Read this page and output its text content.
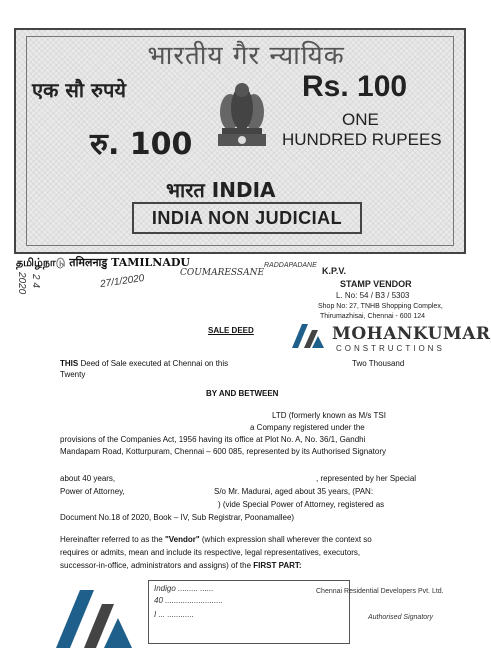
भारतीय गैर न्यायिक
एक सौ रुपये	Rs. 100
ONE
HUNDRED RUPEES
रु. 100
भारत INDIA
INDIA NON JUDICIAL
தமிழ்நாடு तमिलनाडु TAMILNADU	RADDAPADANE
COUMARESSANE
27/1/2020
2020 2 4
K.P.V.
STAMP VENDOR
L. No: 54 / B3 / 5303
Shop No: 27, TNHB Shopping Complex,
Thirumazhisai, Chennai - 600 124
MOHANKUMAR
CONSTRUCTIONS
SALE DEED
THIS Deed of Sale executed at Chennai on this	Two Thousand
Twenty
BY AND BETWEEN
LTD (formerly known as M/s TSI
a Company registered under the
provisions of the Companies Act, 1956 having its office at Plot No. A, No. 36/1, Gandhi
Mandapam Road, Kotturpuram, Chennai – 600 085, represented by its Authorised Signatory
about 40 years,	, represented by her Special
Power of Attorney,	S/o Mr. Madurai, aged about 35 years, (PAN:
) (vide Special Power of Attorney, registered as
Document No.18 of 2020, Book – IV, Sub Registrar, Poonamallee)
Hereinafter referred to as the "Vendor" (which expression shall wherever the context so
requires or admits, mean and include its respective, legal representatives, executors,
successor-in-office, administrators and assigns) of the FIRST PART:
Indigo ......... ......
40 ..........................
I ... ............
Chennai Residential Developers Pvt. Ltd.
Authorised Signatory
